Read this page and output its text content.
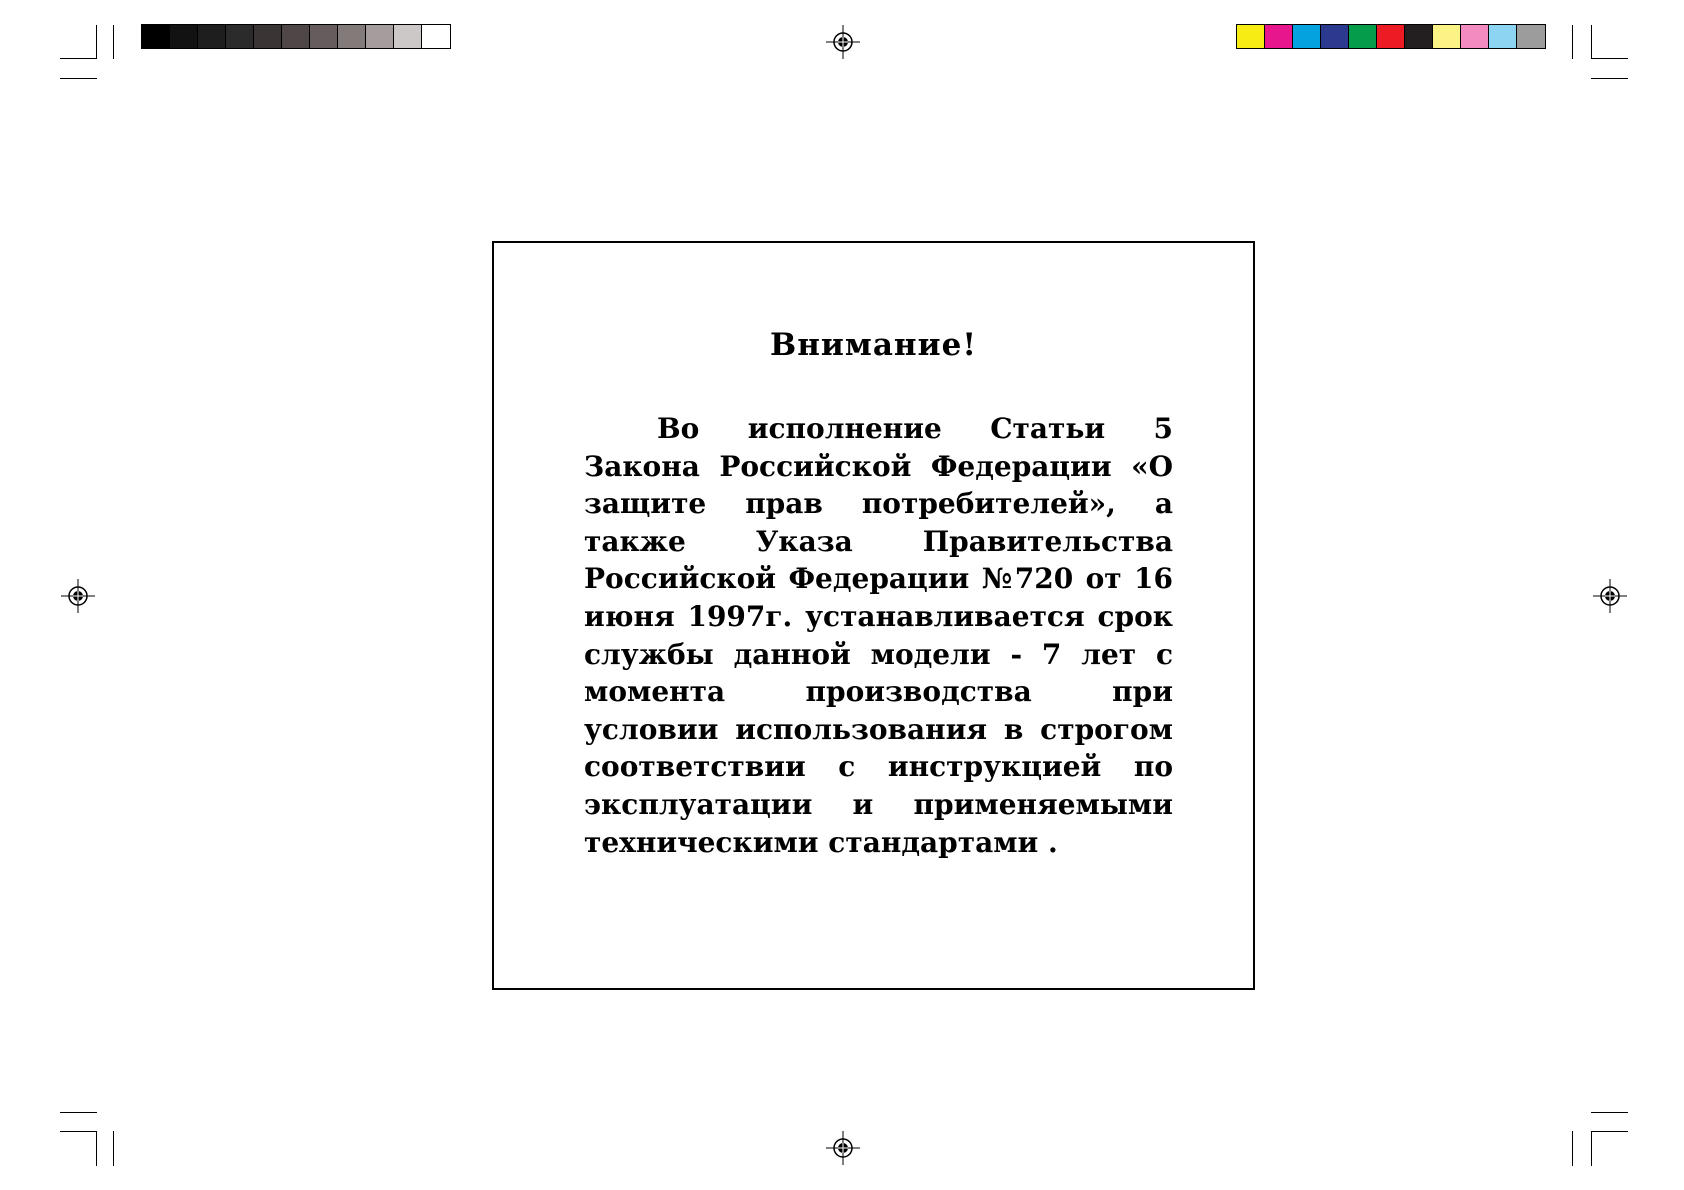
Внимание!

Во исполнение Статьи 5 Закона Российской Федерации «О защите прав потребителей», а также Указа Правительства Российской Федерации №720 от 16 июня 1997г. устанавливается срок службы данной модели - 7 лет с момента производства при условии использования в строгом соответствии с инструкцией по эксплуатации и применяемыми техническими стандартами .
